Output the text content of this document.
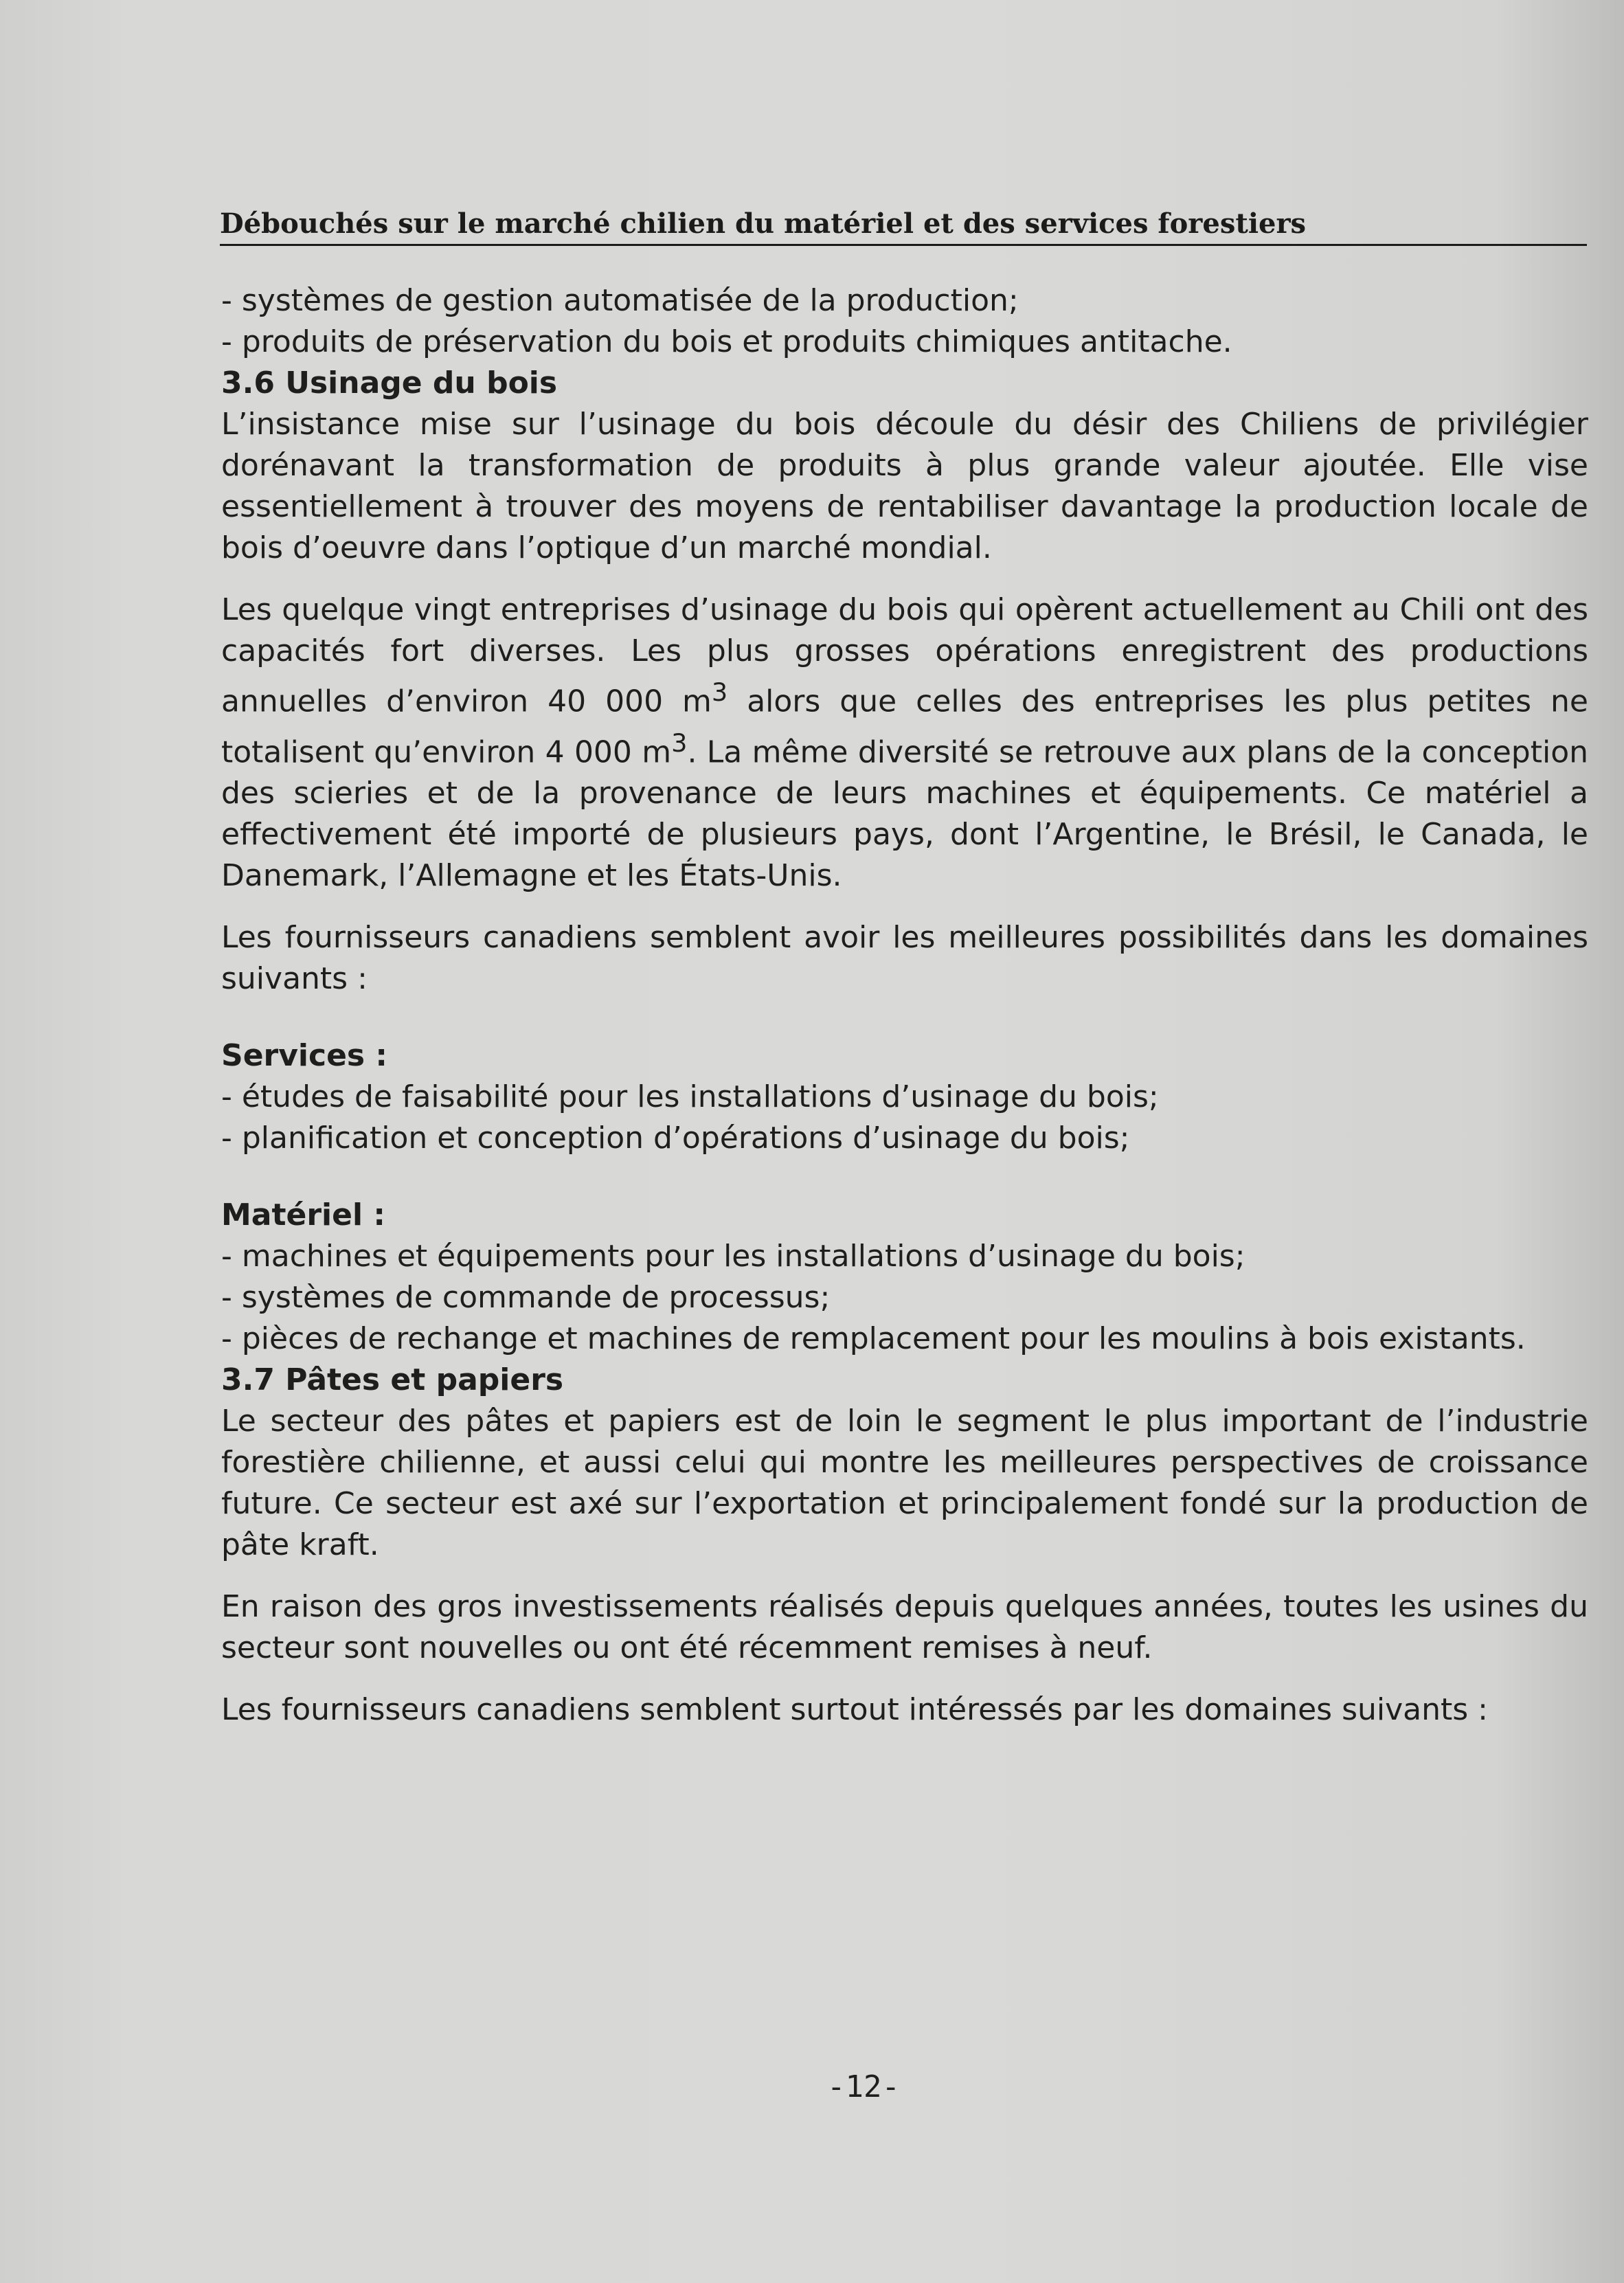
Débouchés sur le marché chilien du matériel et des services forestiers
- systèmes de gestion automatisée de la production;
- produits de préservation du bois et produits chimiques antitache.

3.6 Usinage du bois

L’insistance mise sur l’usinage du bois découle du désir des Chiliens de privilégier dorénavant la transformation de produits à plus grande valeur ajoutée. Elle vise essentiellement à trouver des moyens de rentabiliser davantage la production locale de bois d’oeuvre dans l’optique d’un marché mondial.

Les quelque vingt entreprises d’usinage du bois qui opèrent actuellement au Chili ont des capacités fort diverses. Les plus grosses opérations enregistrent des productions annuelles d’environ 40 000 $m^3$ alors que celles des entreprises les plus petites ne totalisent qu’environ 4 000 $m^3$. La même diversité se retrouve aux plans de la conception des scieries et de la provenance de leurs machines et équipements. Ce matériel a effectivement été importé de plusieurs pays, dont l’Argentine, le Brésil, le Canada, le Danemark, l’Allemagne et les États-Unis.

Les fournisseurs canadiens semblent avoir les meilleures possibilités dans les domaines suivants :

Services :
- études de faisabilité pour les installations d’usinage du bois;
- planification et conception d’opérations d’usinage du bois;
Matériel :
- machines et équipements pour les installations d’usinage du bois;
- systèmes de commande de processus;
- pièces de rechange et machines de remplacement pour les moulins à bois existants.

3.7 Pâtes et papiers

Le secteur des pâtes et papiers est de loin le segment le plus important de l’industrie forestière chilienne, et aussi celui qui montre les meilleures perspectives de croissance future. Ce secteur est axé sur l’exportation et principalement fondé sur la production de pâte kraft.

En raison des gros investissements réalisés depuis quelques années, toutes les usines du secteur sont nouvelles ou ont été récemment remises à neuf.

Les fournisseurs canadiens semblent surtout intéressés par les domaines suivants :

-12-
